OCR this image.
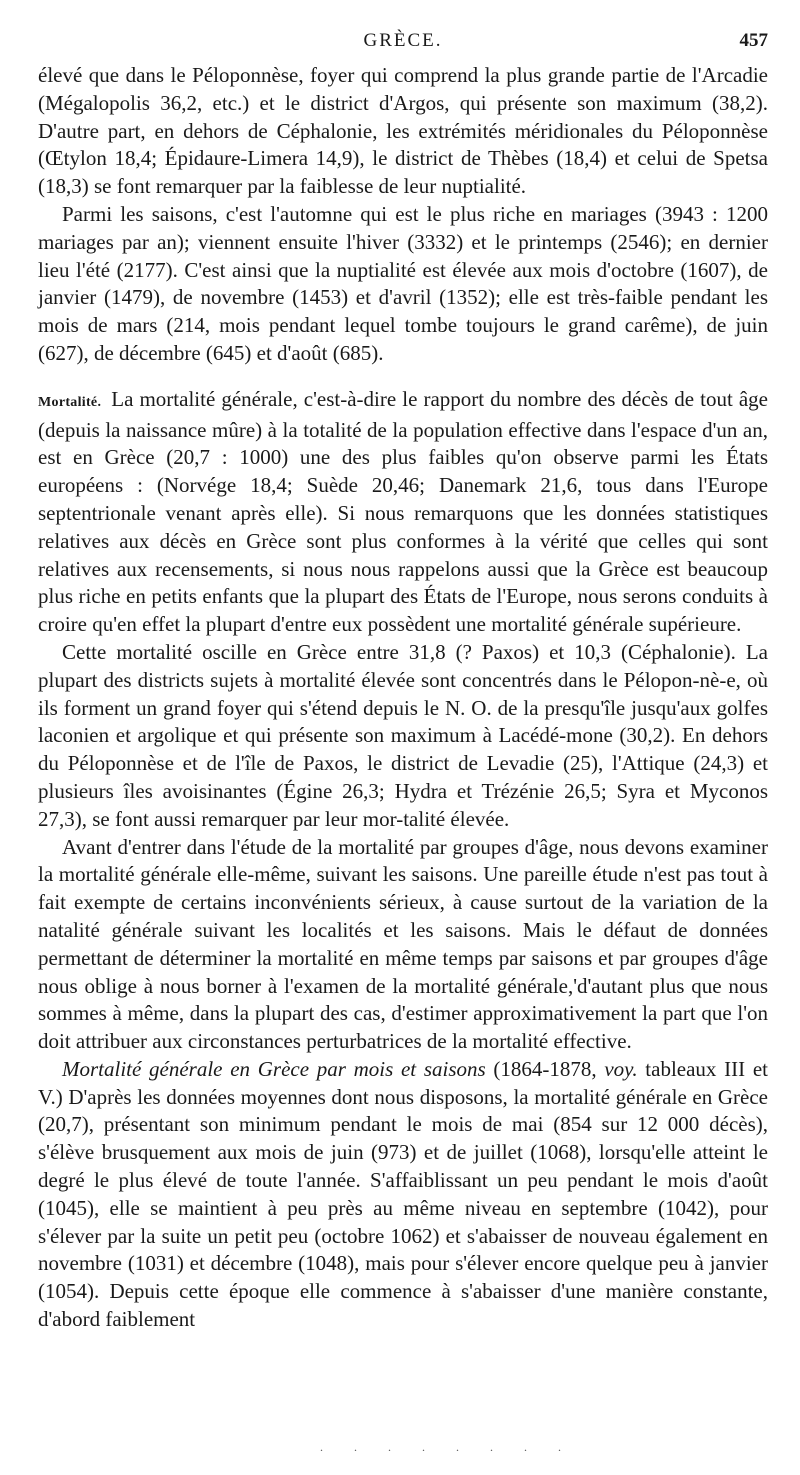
GRÈCE.	457

élevé que dans le Péloponnèse, foyer qui comprend la plus grande partie de l'Arcadie (Mégalopolis 36,2, etc.) et le district d'Argos, qui présente son maximum (38,2). D'autre part, en dehors de Céphalonie, les extrémités méridionales du Péloponnèse (Œtylon 18,4; Épidaure-Limera 14,9), le district de Thèbes (18,4) et celui de Spetsa (18,3) se font remarquer par la faiblesse de leur nuptialité.

Parmi les saisons, c'est l'automne qui est le plus riche en mariages (3943 : 1200 mariages par an); viennent ensuite l'hiver (3332) et le printemps (2546); en dernier lieu l'été (2177). C'est ainsi que la nuptialité est élevée aux mois d'octobre (1607), de janvier (1479), de novembre (1453) et d'avril (1352); elle est très-faible pendant les mois de mars (214, mois pendant lequel tombe toujours le grand carême), de juin (627), de décembre (645) et d'août (685).

Mortalité. La mortalité générale, c'est-à-dire le rapport du nombre des décès de tout âge (depuis la naissance mûre) à la totalité de la population effective dans l'espace d'un an, est en Grèce (20,7 : 1000) une des plus faibles qu'on observe parmi les États européens : (Norvége 18,4; Suède 20,46; Danemark 21,6, tous dans l'Europe septentrionale venant après elle). Si nous remarquons que les données statistiques relatives aux décès en Grèce sont plus conformes à la vérité que celles qui sont relatives aux recensements, si nous nous rappelons aussi que la Grèce est beaucoup plus riche en petits enfants que la plupart des États de l'Europe, nous serons conduits à croire qu'en effet la plupart d'entre eux possèdent une mortalité générale supérieure.

Cette mortalité oscille en Grèce entre 31,8 (? Paxos) et 10,3 (Céphalonie). La plupart des districts sujets à mortalité élevée sont concentrés dans le Pélopon-nè-e, où ils forment un grand foyer qui s'étend depuis le N. O. de la presqu'île jusqu'aux golfes laconien et argolique et qui présente son maximum à Lacédé-mone (30,2). En dehors du Péloponnèse et de l'île de Paxos, le district de Levadie (25), l'Attique (24,3) et plusieurs îles avoisinantes (Égine 26,3; Hydra et Trézénie 26,5; Syra et Myconos 27,3), se font aussi remarquer par leur mor-talité élevée.

Avant d'entrer dans l'étude de la mortalité par groupes d'âge, nous devons examiner la mortalité générale elle-même, suivant les saisons. Une pareille étude n'est pas tout à fait exempte de certains inconvénients sérieux, à cause surtout de la variation de la natalité générale suivant les localités et les saisons. Mais le défaut de données permettant de déterminer la mortalité en même temps par saisons et par groupes d'âge nous oblige à nous borner à l'examen de la mortalité générale,'d'autant plus que nous sommes à même, dans la plupart des cas, d'estimer approximativement la part que l'on doit attribuer aux circonstances perturbatrices de la mortalité effective.

Mortalité générale en Grèce par mois et saisons (1864-1878, voy. tableaux III et V.) D'après les données moyennes dont nous disposons, la mortalité générale en Grèce (20,7), présentant son minimum pendant le mois de mai (854 sur 12 000 décès), s'élève brusquement aux mois de juin (973) et de juillet (1068), lorsqu'elle atteint le degré le plus élevé de toute l'année. S'affaiblissant un peu pendant le mois d'août (1045), elle se maintient à peu près au même niveau en septembre (1042), pour s'élever par la suite un petit peu (octobre 1062) et s'abaisser de nouveau également en novembre (1031) et décembre (1048), mais pour s'élever encore quelque peu à janvier (1054). Depuis cette époque elle commence à s'abaisser d'une manière constante, d'abord faiblement

. . . . . . . .
